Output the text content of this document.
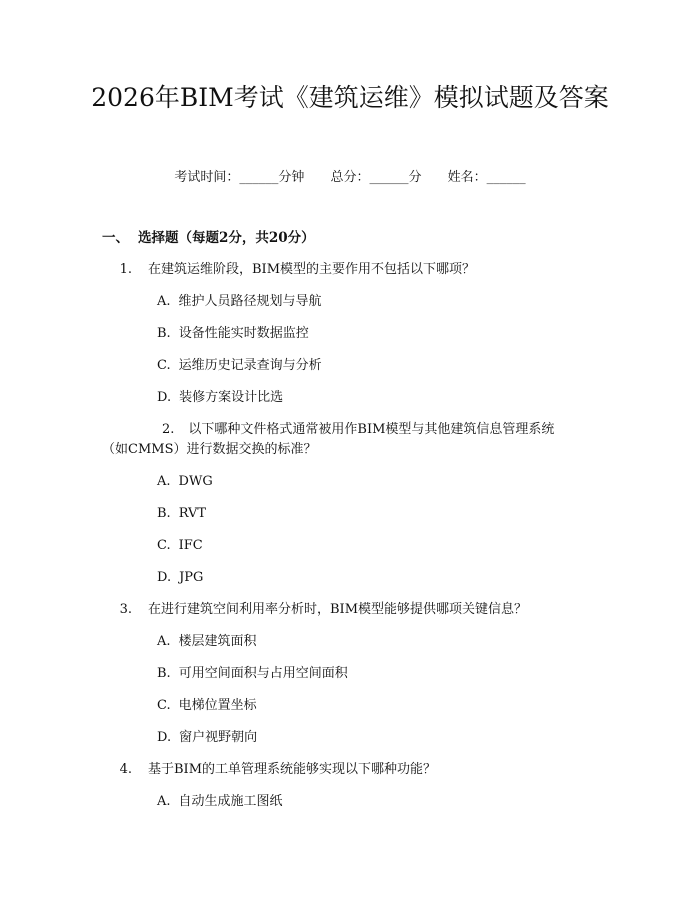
2026年BIM考试《建筑运维》模拟试题及答案
考试时间：______分钟 总分：______分 姓名：______
一、 选择题（每题2分，共20分）
1. 在建筑运维阶段，BIM模型的主要作用不包括以下哪项？
A. 维护人员路径规划与导航
B. 设备性能实时数据监控
C. 运维历史记录查询与分析
D. 装修方案设计比选
2. 以下哪种文件格式通常被用作BIM模型与其他建筑信息管理系统（如CMMS）进行数据交换的标准？
A. DWG
B. RVT
C. IFC
D. JPG
3. 在进行建筑空间利用率分析时，BIM模型能够提供哪项关键信息？
A. 楼层建筑面积
B. 可用空间面积与占用空间面积
C. 电梯位置坐标
D. 窗户视野朝向
4. 基于BIM的工单管理系统能够实现以下哪种功能？
A. 自动生成施工图纸
